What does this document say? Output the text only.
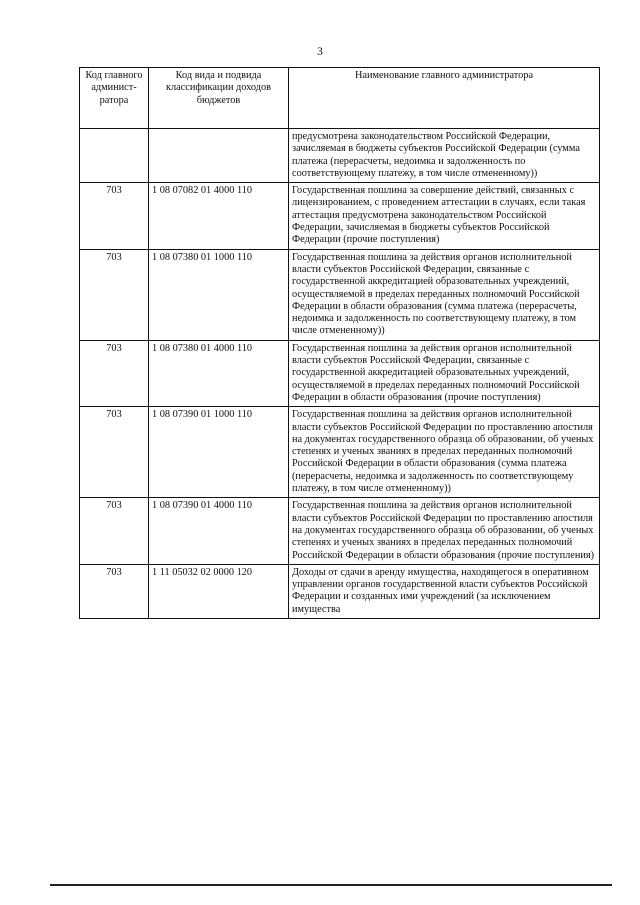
3
Код главного админист-ратора	Код вида и подвида классификации доходов бюджетов	Наименование главного администратора
		предусмотрена законодательством Российской Федерации, зачисляемая в бюджеты субъектов Российской Федерации (сумма платежа (перерасчеты, недоимка и задолженность по соответствующему платежу, в том числе отмененному))
703	1 08 07082 01 4000 110	Государственная пошлина за совершение действий, связанных с лицензированием, с проведением аттестации в случаях, если такая аттестация предусмотрена законодательством Российской Федерации, зачисляемая в бюджеты субъектов Российской Федерации (прочие поступления)
703	1 08 07380 01 1000 110	Государственная пошлина за действия органов исполнительной власти субъектов Российской Федерации, связанные с государственной аккредитацией образовательных учреждений, осуществляемой в пределах переданных полномочий Российской Федерации в области образования (сумма платежа (перерасчеты, недоимка и задолженность по соответствующему платежу, в том числе отмененному))
703	1 08 07380 01 4000 110	Государственная пошлина за действия органов исполнительной власти субъектов Российской Федерации, связанные с государственной аккредитацией образовательных учреждений, осуществляемой в пределах переданных полномочий Российской Федерации в области образования (прочие поступления)
703	1 08 07390 01 1000 110	Государственная пошлина за действия органов исполнительной власти субъектов Российской Федерации по проставлению апостиля на документах государственного образца об образовании, об ученых степенях и ученых званиях в пределах переданных полномочий Российской Федерации в области образования (сумма платежа (перерасчеты, недоимка и задолженность по соответствующему платежу, в том числе отмененному))
703	1 08 07390 01 4000 110	Государственная пошлина за действия органов исполнительной власти субъектов Российской Федерации по проставлению апостиля на документах государственного образца об образовании, об ученых степенях и ученых званиях в пределах переданных полномочий Российской Федерации в области образования (прочие поступления)
703	1 11 05032 02 0000 120	Доходы от сдачи в аренду имущества, находящегося в оперативном управлении органов государственной власти субъектов Российской Федерации и созданных ими учреждений (за исключением имущества
